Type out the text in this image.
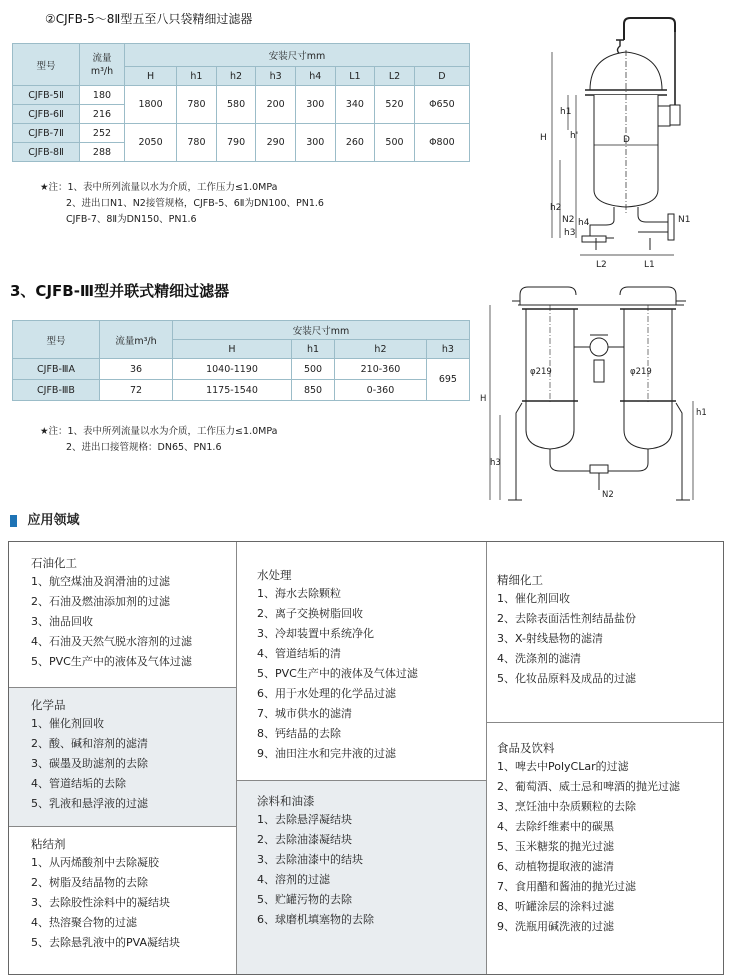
②CJFB-5～8Ⅱ型五至八只袋精细过滤器
型号	流量
m³/h	安装尺寸mm							
		H	h1	h2	h3	h4	L1	L2	D
CJFB-5Ⅱ	180	1800	780	580	200	300	340	520	Φ650
CJFB-6Ⅱ	216								
CJFB-7Ⅱ	252	2050	780	790	290	300	260	500	Φ800
CJFB-8Ⅱ	288								
★注：1、表中所列流量以水为介质，工作压力≤1.0MPa
2、进出口N1、N2接管规格，CJFB-5、6Ⅱ为DN100、PN1.6
CJFB-7、8Ⅱ为DN150、PN1.6
H	h'
h1
h2
h3
h4
D
N1
N2
L1
L2
3、CJFB-Ⅲ型并联式精细过滤器
型号	流量m³/h	安装尺寸mm			
		H	h1	h2	h3
CJFB-ⅢA	36	1040-1190	500	210-360	695
CJFB-ⅢB	72	1175-1540	850	0-360	
★注：1、表中所列流量以水为介质，工作压力≤1.0MPa
2、进出口接管规格：DN65、PN1.6
φ219	φ219
H
h1
h3
N2
应用领域
石油化工
1、航空煤油及润滑油的过滤
2、石油及燃油添加剂的过滤
3、油品回收
4、石油及天然气脱水溶剂的过滤
5、PVC生产中的液体及气体过滤
化学品
1、催化剂回收
2、酸、碱和溶剂的滤清
3、碳墨及助滤剂的去除
4、管道结垢的去除
5、乳液和悬浮液的过滤
粘结剂
1、从丙烯酸剂中去除凝胶
2、树脂及结晶物的去除
3、去除胶性涂料中的凝结块
4、热溶聚合物的过滤
5、去除悬乳液中的PVA凝结块
水处理
1、海水去除颗粒
2、离子交换树脂回收
3、冷却装置中系统净化
4、管道结垢的清
5、PVC生产中的液体及气体过滤
6、用于水处理的化学品过滤
7、城市供水的滤清
8、钙结晶的去除
9、油田注水和完井液的过滤
涂料和油漆
1、去除悬浮凝结块
2、去除油漆凝结块
3、去除油漆中的结块
4、溶剂的过滤
5、贮罐污物的去除
6、球磨机填塞物的去除
精细化工
1、催化剂回收
2、去除表面活性剂结晶盐份
3、X-射线悬物的滤清
4、洗涤剂的滤清
5、化妆品原料及成品的过滤
食品及饮料
1、啤去中PolyCLar的过滤
2、葡萄酒、威士忌和啤酒的抛光过滤
3、烹饪油中杂质颗粒的去除
4、去除纤维素中的碳黑
5、玉米糖浆的抛光过滤
6、动植物提取液的滤清
7、食用醋和酱油的抛光过滤
8、听罐涂层的涂料过滤
9、洗瓶用碱洗液的过滤
